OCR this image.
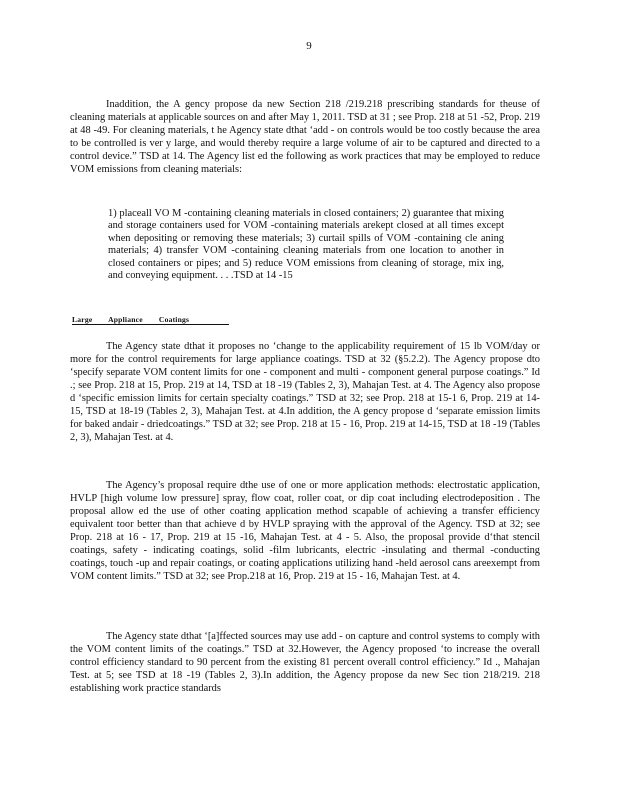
9

Inaddition, the A gency propose da new Section 218 /219.218 prescribing standards for theuse of cleaning materials at applicable sources on and after May 1, 2011. TSD at 31 ; see Prop. 218 at 51 -52, Prop. 219 at 48 -49. For cleaning materials, t he Agency state dthat ‘add - on controls would be too costly because the area to be controlled is ver y large, and would thereby require a large volume of air to be captured and directed to a control device.” TSD at 14. The Agency list ed the following as work practices that may be employed to reduce VOM emissions from cleaning materials:

1) placeall VO M -containing cleaning materials in closed containers; 2) guarantee that mixing and storage containers used for VOM -containing materials arekept closed at all times except when depositing or removing these materials; 3) curtail spills of VOM -containing cle aning materials; 4) transfer VOM -containing cleaning materials from one location to another in closed containers or pipes; and 5) reduce VOM emissions from cleaning of storage, mix ing, and conveying equipment. . . .TSD at 14 -15

Large Appliance Coatings

The Agency state dthat it proposes no ‘change to the applicability requirement of 15 lb VOM/day or more for the control requirements for large appliance coatings. TSD at 32 (§5.2.2). The Agency propose dto ‘specify separate VOM content limits for one - component and multi - component general purpose coatings.” Id .; see Prop. 218 at 15, Prop. 219 at 14, TSD at 18 -19 (Tables 2, 3), Mahajan Test. at 4. The Agency also propose d ‘specific emission limits for certain specialty coatings.” TSD at 32; see Prop. 218 at 15-1 6, Prop. 219 at 14-15, TSD at 18-19 (Tables 2, 3), Mahajan Test. at 4.In addition, the A gency propose d ‘separate emission limits for baked andair - driedcoatings.” TSD at 32; see Prop. 218 at 15 - 16, Prop. 219 at 14-15, TSD at 18 -19 (Tables 2, 3), Mahajan Test. at 4.

The Agency’s proposal require dthe use of one or more application methods: electrostatic application, HVLP [high volume low pressure] spray, flow coat, roller coat, or dip coat including electrodeposition . The proposal allow ed the use of other coating application method scapable of achieving a transfer efficiency equivalent toor better than that achieve d by HVLP spraying with the approval of the Agency. TSD at 32; see Prop. 218 at 16 - 17, Prop. 219 at 15 -16, Mahajan Test. at 4 - 5. Also, the proposal provide d‘that stencil coatings, safety - indicating coatings, solid -film lubricants, electric -insulating and thermal -conducting coatings, touch -up and repair coatings, or coating applications utilizing hand -held aerosol cans areexempt from VOM content limits.” TSD at 32; see Prop.218 at 16, Prop. 219 at 15 - 16, Mahajan Test. at 4.

The Agency state dthat ‘[a]ffected sources may use add - on capture and control systems to comply with the VOM content limits of the coatings.” TSD at 32.However, the Agency proposed ‘to increase the overall control efficiency standard to 90 percent from the existing 81 percent overall control efficiency.” Id ., Mahajan Test. at 5; see TSD at 18 -19 (Tables 2, 3).In addition, the Agency propose da new Sec tion 218/219. 218 establishing work practice standards
